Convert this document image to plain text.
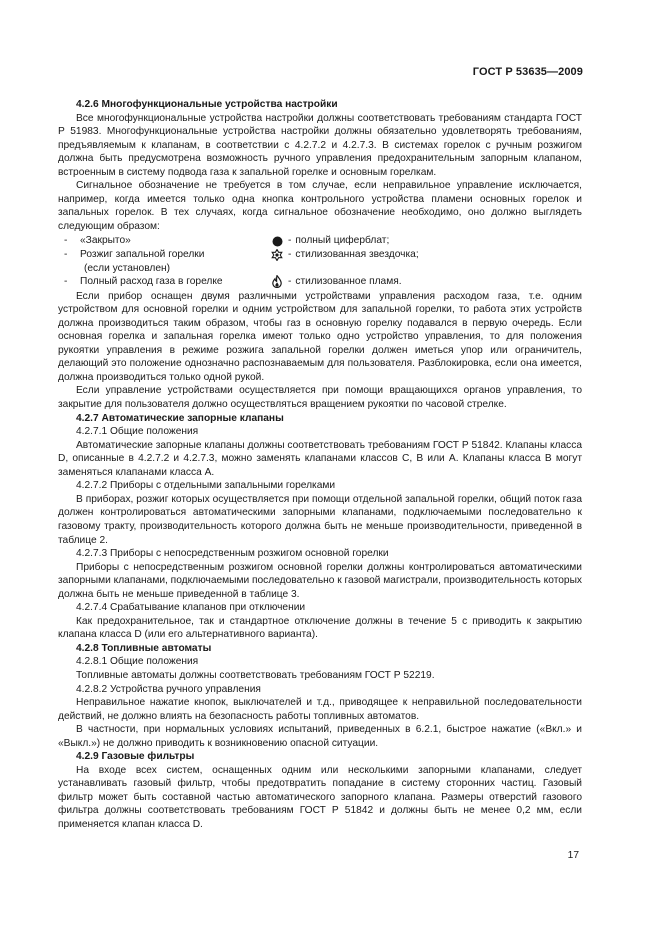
ГОСТ Р 53635—2009

4.2.6 Многофункциональные устройства настройки

Все многофункциональные устройства настройки должны соответствовать требованиям стандарта ГОСТ Р 51983. Многофункциональные устройства настройки должны обязательно удовлетворять требованиям, предъявляемым к клапанам, в соответствии с 4.2.7.2 и 4.2.7.3. В системах горелок с ручным розжигом должна быть предусмотрена возможность ручного управления предохранительным запорным клапаном, встроенным в систему подвода газа к запальной горелке и основным горелкам.

Сигнальное обозначение не требуется в том случае, если неправильное управление исключается, например, когда имеется только одна кнопка контрольного устройства пламени основных горелок и запальных горелок. В тех случаях, когда сигнальное обозначение необходимо, оно должно выглядеть следующим образом:

-	«Закрыто»	- полный циферблат;
-	Розжиг запальной горелки	- стилизованная звездочка;
(если установлен)
-	Полный расход газа в горелке	- стилизованное пламя.

Если прибор оснащен двумя различными устройствами управления расходом газа, т.е. одним устройством для основной горелки и одним устройством для запальной горелки, то работа этих устройств должна производиться таким образом, чтобы газ в основную горелку подавался в первую очередь. Если основная горелка и запальная горелка имеют только одно устройство управления, то для положения рукоятки управления в режиме розжига запальной горелки должен иметься упор или ограничитель, делающий это положение однозначно распознаваемым для пользователя. Разблокировка, если она имеется, должна производиться только одной рукой.

Если управление устройствами осуществляется при помощи вращающихся органов управления, то закрытие для пользователя должно осуществляться вращением рукоятки по часовой стрелке.

4.2.7 Автоматические запорные клапаны

4.2.7.1 Общие положения

Автоматические запорные клапаны должны соответствовать требованиям ГОСТ Р 51842. Клапаны класса D, описанные в 4.2.7.2 и 4.2.7.3, можно заменять клапанами классов С, В или А. Клапаны класса В могут заменяться клапанами класса А.

4.2.7.2 Приборы с отдельными запальными горелками

В приборах, розжиг которых осуществляется при помощи отдельной запальной горелки, общий поток газа должен контролироваться автоматическими запорными клапанами, подключаемыми последовательно к газовому тракту, производительность которого должна быть не меньше производительности, приведенной в таблице 2.

4.2.7.3 Приборы с непосредственным розжигом основной горелки

Приборы с непосредственным розжигом основной горелки должны контролироваться автоматическими запорными клапанами, подключаемыми последовательно к газовой магистрали, производительность которых должна быть не меньше приведенной в таблице 3.

4.2.7.4 Срабатывание клапанов при отключении

Как предохранительное, так и стандартное отключение должны в течение 5 с приводить к закрытию клапана класса D (или его альтернативного варианта).

4.2.8 Топливные автоматы

4.2.8.1 Общие положения

Топливные автоматы должны соответствовать требованиям ГОСТ Р 52219.

4.2.8.2 Устройства ручного управления

Неправильное нажатие кнопок, выключателей и т.д., приводящее к неправильной последовательности действий, не должно влиять на безопасность работы топливных автоматов.

В частности, при нормальных условиях испытаний, приведенных в 6.2.1, быстрое нажатие («Вкл.» и «Выкл.») не должно приводить к возникновению опасной ситуации.

4.2.9 Газовые фильтры

На входе всех систем, оснащенных одним или несколькими запорными клапанами, следует устанавливать газовый фильтр, чтобы предотвратить попадание в систему сторонних частиц. Газовый фильтр может быть составной частью автоматического запорного клапана. Размеры отверстий газового фильтра должны соответствовать требованиям ГОСТ Р 51842 и должны быть не менее 0,2 мм, если применяется клапан класса D.

17
